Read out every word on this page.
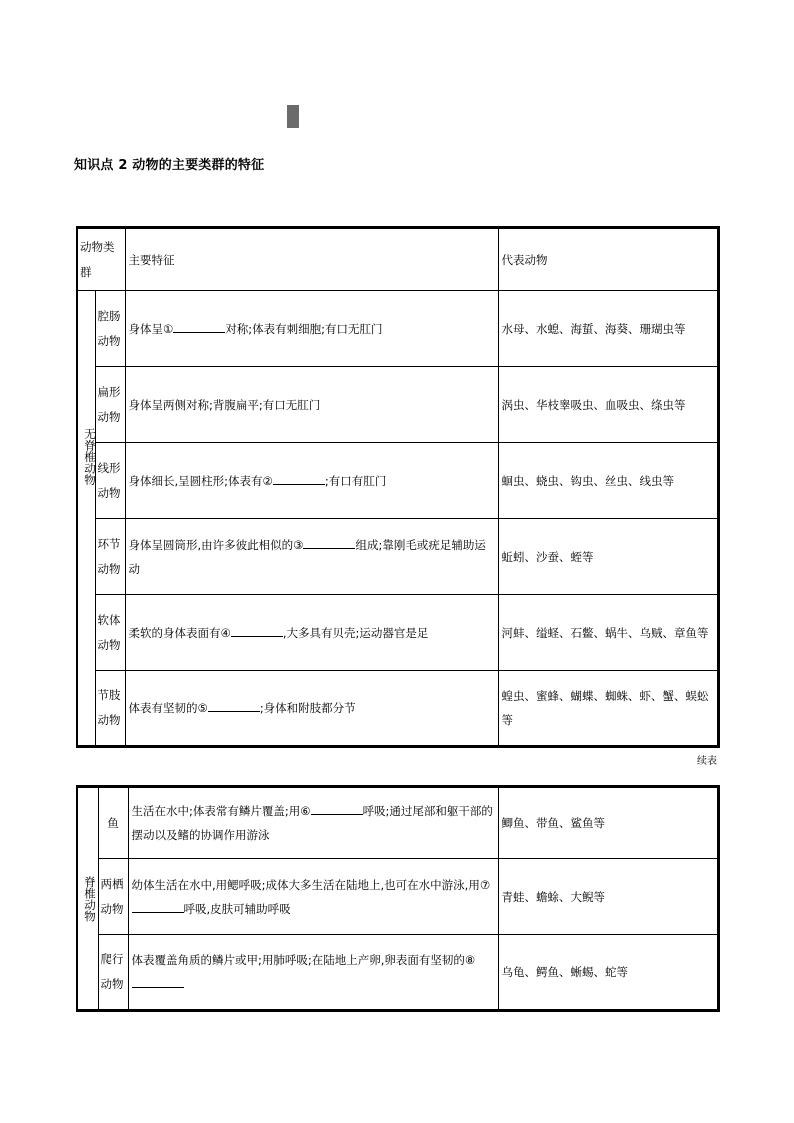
知识点 2 动物的主要类群的特征
动物类群		主要特征	代表动物
	腔肠动物	身体呈① 对称;体表有刺细胞;有口无肛门	水母、水螅、海蜇、海葵、珊瑚虫等
	扁形动物	身体呈两侧对称;背腹扁平;有口无肛门	涡虫、华枝睾吸虫、血吸虫、绦虫等
	线形动物	身体细长,呈圆柱形;体表有② ;有口有肛门	蛔虫、蛲虫、钩虫、丝虫、线虫等
	环节动物	身体呈圆筒形,由许多彼此相似的③ 组成;靠刚毛或疣足辅助运动	蚯蚓、沙蚕、蛭等
	软体动物	柔软的身体表面有④ ,大多具有贝壳;运动器官是足	河蚌、缢蛏、石鳖、蜗牛、乌贼、章鱼等
	节肢动物	体表有坚韧的⑤ ;身体和附肢都分节	蝗虫、蜜蜂、蝴蝶、蜘蛛、虾、蟹、蜈蚣等
无脊椎动物
续表
脊椎动物	鱼	生活在水中;体表常有鳞片覆盖;用⑥ 呼吸;通过尾部和躯干部的摆动以及鳍的协调作用游泳	鲫鱼、带鱼、鲨鱼等
	两栖动物	幼体生活在水中,用鳃呼吸;成体大多生活在陆地上,也可在水中游泳,用⑦呼吸,皮肤可辅助呼吸	青蛙、蟾蜍、大鲵等
	爬行动物	体表覆盖角质的鳞片或甲;用肺呼吸;在陆地上产卵,卵表面有坚韧的⑧	乌龟、鳄鱼、蜥蜴、蛇等
